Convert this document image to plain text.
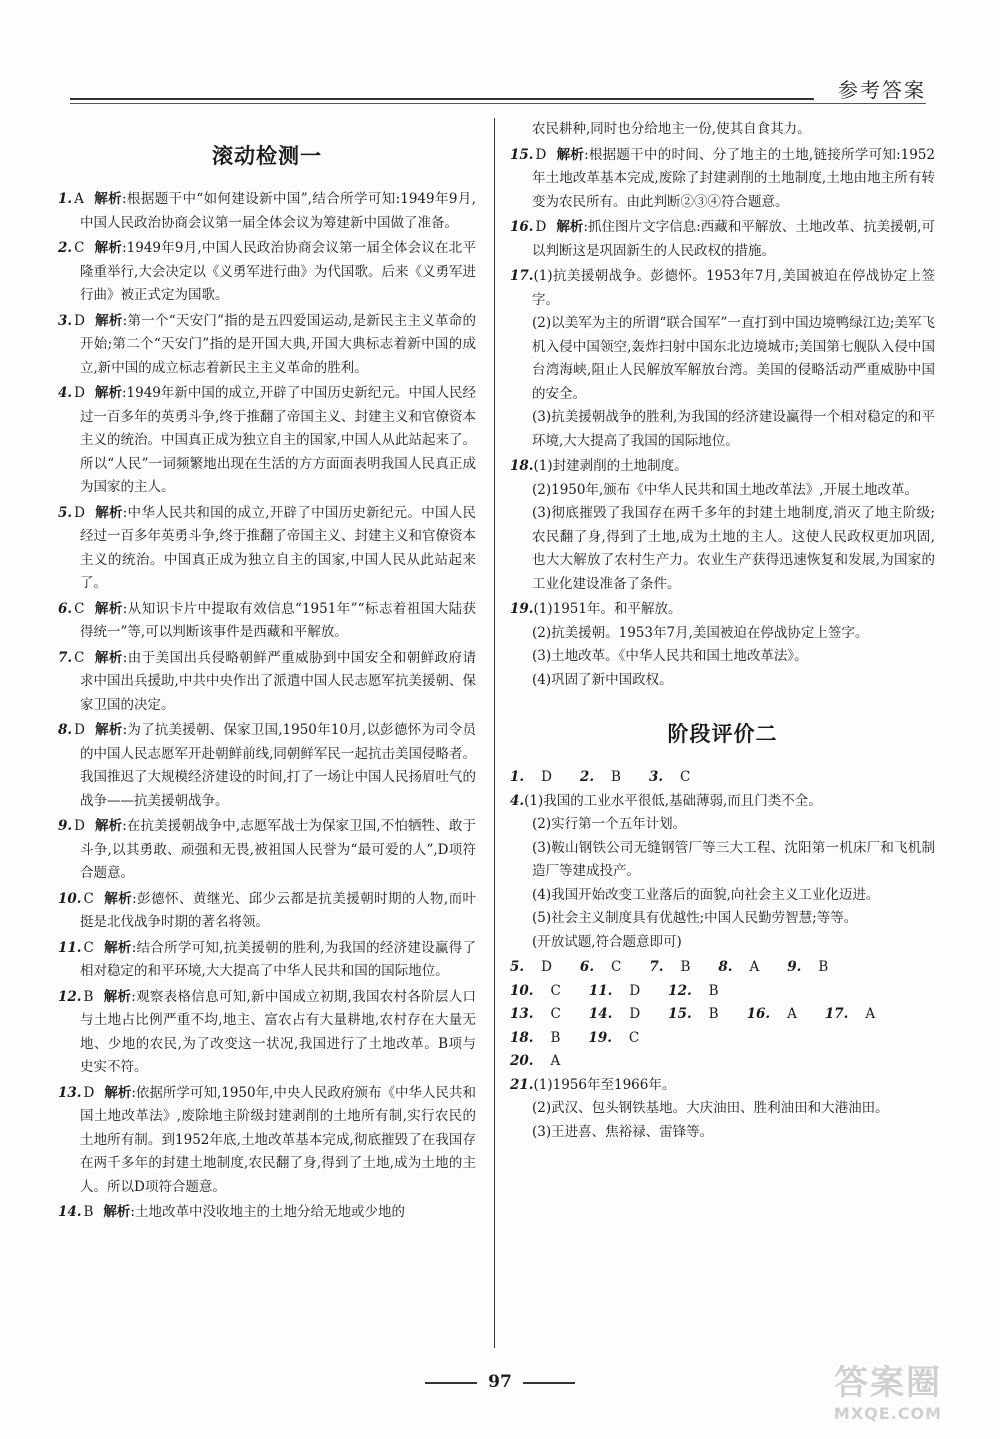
参考答案
滚动检测一
1. A 解析:根据题干中“如何建设新中国”,结合所学可知:1949年9月,中国人民政治协商会议第一届全体会议为筹建新中国做了准备。
2. C 解析:1949年9月,中国人民政治协商会议第一届全体会议在北平隆重举行,大会决定以《义勇军进行曲》为代国歌。后来《义勇军进行曲》被正式定为国歌。
3. D 解析:第一个“天安门”指的是五四爱国运动,是新民主主义革命的开始;第二个“天安门”指的是开国大典,开国大典标志着新中国的成立,新中国的成立标志着新民主主义革命的胜利。
4. D 解析:1949年新中国的成立,开辟了中国历史新纪元。中国人民经过一百多年的英勇斗争,终于推翻了帝国主义、封建主义和官僚资本主义的统治。中国真正成为独立自主的国家,中国人从此站起来了。所以“人民”一词频繁地出现在生活的方方面面表明我国人民真正成为国家的主人。
5. D 解析:中华人民共和国的成立,开辟了中国历史新纪元。中国人民经过一百多年英勇斗争,终于推翻了帝国主义、封建主义和官僚资本主义的统治。中国真正成为独立自主的国家,中国人民从此站起来了。
6. C 解析:从知识卡片中提取有效信息“1951年”“标志着祖国大陆获得统一”等,可以判断该事件是西藏和平解放。
7. C 解析:由于美国出兵侵略朝鲜严重威胁到中国安全和朝鲜政府请求中国出兵援助,中共中央作出了派遣中国人民志愿军抗美援朝、保家卫国的决定。
8. D 解析:为了抗美援朝、保家卫国,1950年10月,以彭德怀为司令员的中国人民志愿军开赴朝鲜前线,同朝鲜军民一起抗击美国侵略者。我国推迟了大规模经济建设的时间,打了一场让中国人民扬眉吐气的战争——抗美援朝战争。
9. D 解析:在抗美援朝战争中,志愿军战士为保家卫国,不怕牺牲、敢于斗争,以其勇敢、顽强和无畏,被祖国人民誉为“最可爱的人”,D项符合题意。
10. C 解析:彭德怀、黄继光、邱少云都是抗美援朝时期的人物,而叶挺是北伐战争时期的著名将领。
11. C 解析:结合所学可知,抗美援朝的胜利,为我国的经济建设赢得了相对稳定的和平环境,大大提高了中华人民共和国的国际地位。
12. B 解析:观察表格信息可知,新中国成立初期,我国农村各阶层人口与土地占比例严重不均,地主、富农占有大量耕地,农村存在大量无地、少地的农民,为了改变这一状况,我国进行了土地改革。B项与史实不符。
13. D 解析:依据所学可知,1950年,中央人民政府颁布《中华人民共和国土地改革法》,废除地主阶级封建剥削的土地所有制,实行农民的土地所有制。到1952年底,土地改革基本完成,彻底摧毁了在我国存在两千多年的封建土地制度,农民翻了身,得到了土地,成为土地的主人。所以D项符合题意。
14. B 解析:土地改革中没收地主的土地分给无地或少地的
农民耕种,同时也分给地主一份,使其自食其力。
15. D 解析:根据题干中的时间、分了地主的土地,链接所学可知:1952年土地改革基本完成,废除了封建剥削的土地制度,土地由地主所有转变为农民所有。由此判断②③④符合题意。
16. D 解析:抓住图片文字信息:西藏和平解放、土地改革、抗美援朝,可以判断这是巩固新生的人民政权的措施。
17.(1)抗美援朝战争。彭德怀。1953年7月,美国被迫在停战协定上签字。
(2)以美军为主的所谓“联合国军”一直打到中国边境鸭绿江边;美军飞机入侵中国领空,轰炸扫射中国东北边境城市;美国第七舰队入侵中国台湾海峡,阻止人民解放军解放台湾。美国的侵略活动严重威胁中国的安全。
(3)抗美援朝战争的胜利,为我国的经济建设赢得一个相对稳定的和平环境,大大提高了我国的国际地位。
18.(1)封建剥削的土地制度。
(2)1950年,颁布《中华人民共和国土地改革法》,开展土地改革。
(3)彻底摧毁了我国存在两千多年的封建土地制度,消灭了地主阶级;农民翻了身,得到了土地,成为土地的主人。这使人民政权更加巩固,也大大解放了农村生产力。农业生产获得迅速恢复和发展,为国家的工业化建设准备了条件。
19.(1)1951年。和平解放。
(2)抗美援朝。1953年7月,美国被迫在停战协定上签字。
(3)土地改革。《中华人民共和国土地改革法》。
(4)巩固了新中国政权。
阶段评价二
1. D 2. B 3. C
4.(1)我国的工业水平很低,基础薄弱,而且门类不全。
(2)实行第一个五年计划。
(3)鞍山钢铁公司无缝钢管厂等三大工程、沈阳第一机床厂和飞机制造厂等建成投产。
(4)我国开始改变工业落后的面貌,向社会主义工业化迈进。
(5)社会主义制度具有优越性;中国人民勤劳智慧;等等。
(开放试题,符合题意即可)
5. D 6. C 7. B 8. A 9. B10. C 11. D 12. B
13. C 14. D 15. B 16. A 17. A18. B 19. C
20. A
21.(1)1956年至1966年。
(2)武汉、包头钢铁基地。大庆油田、胜利油田和大港油田。
(3)王进喜、焦裕禄、雷锋等。
97	答案圈
MXQE.COM
